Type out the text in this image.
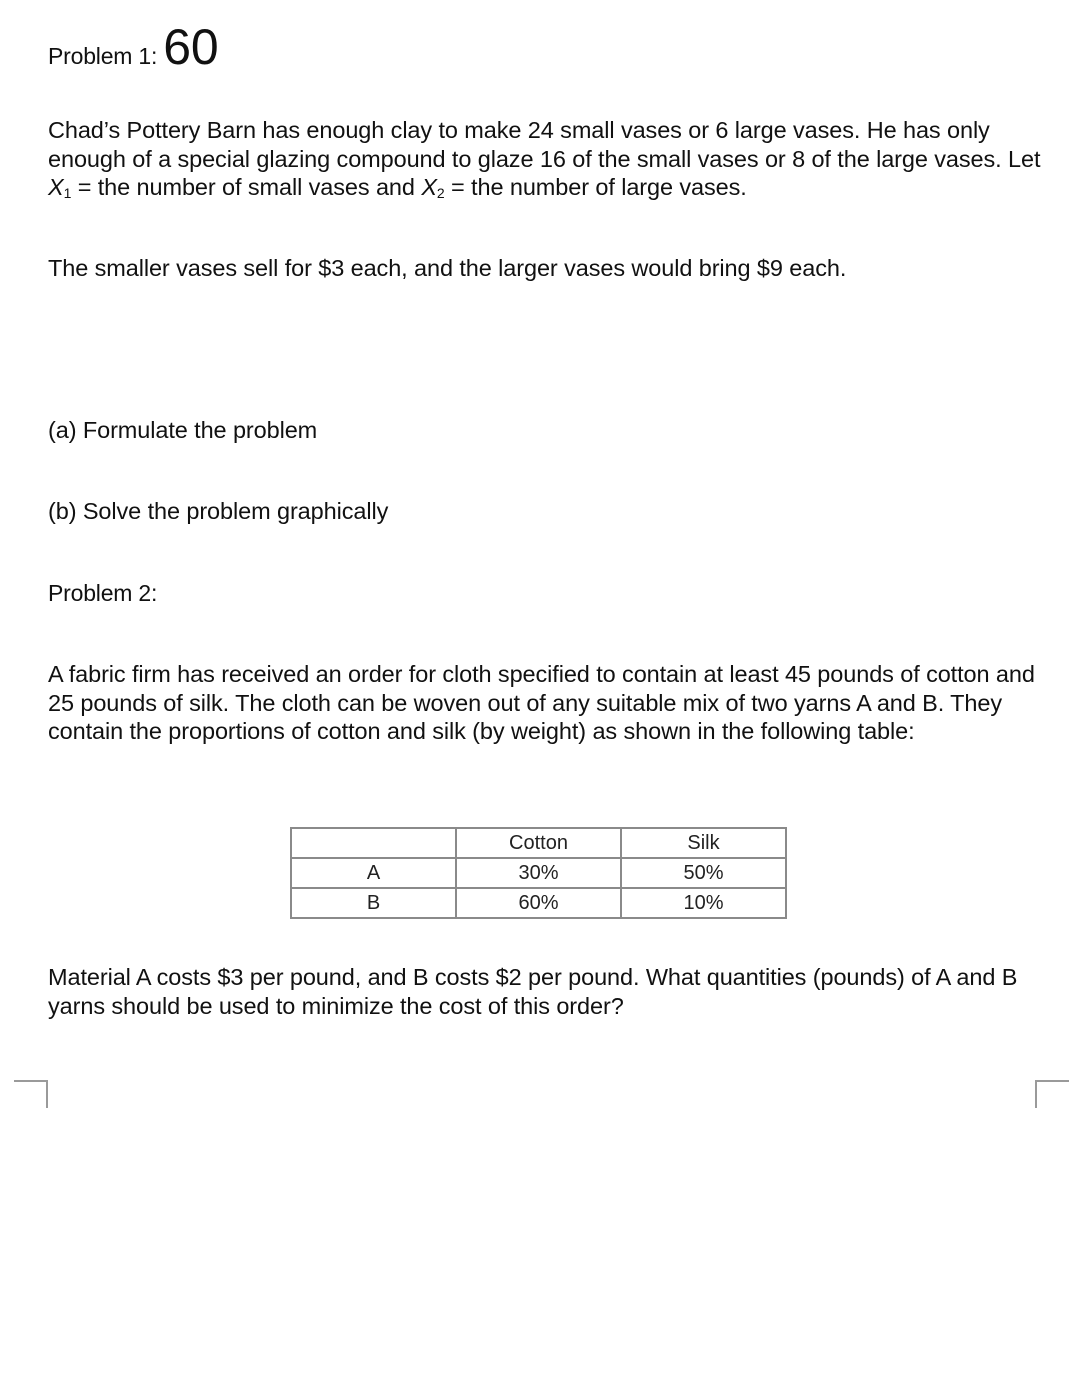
Problem 1: 60

Chad’s Pottery Barn has enough clay to make 24 small vases or 6 large vases. He has only enough of a special glazing compound to glaze 16 of the small vases or 8 of the large vases. Let $X_1$ = the number of small vases and $X_2$ = the number of large vases.

The smaller vases sell for $3 each, and the larger vases would bring $9 each.

(a) Formulate the problem

(b) Solve the problem graphically

Problem 2:

A fabric firm has received an order for cloth specified to contain at least 45 pounds of cotton and 25 pounds of silk. The cloth can be woven out of any suitable mix of two yarns A and B. They contain the proportions of cotton and silk (by weight) as shown in the following table:

	Cotton	Silk
A	30%	50%
B	60%	10%

Material A costs $3 per pound, and B costs $2 per pound. What quantities (pounds) of A and B yarns should be used to minimize the cost of this order?
